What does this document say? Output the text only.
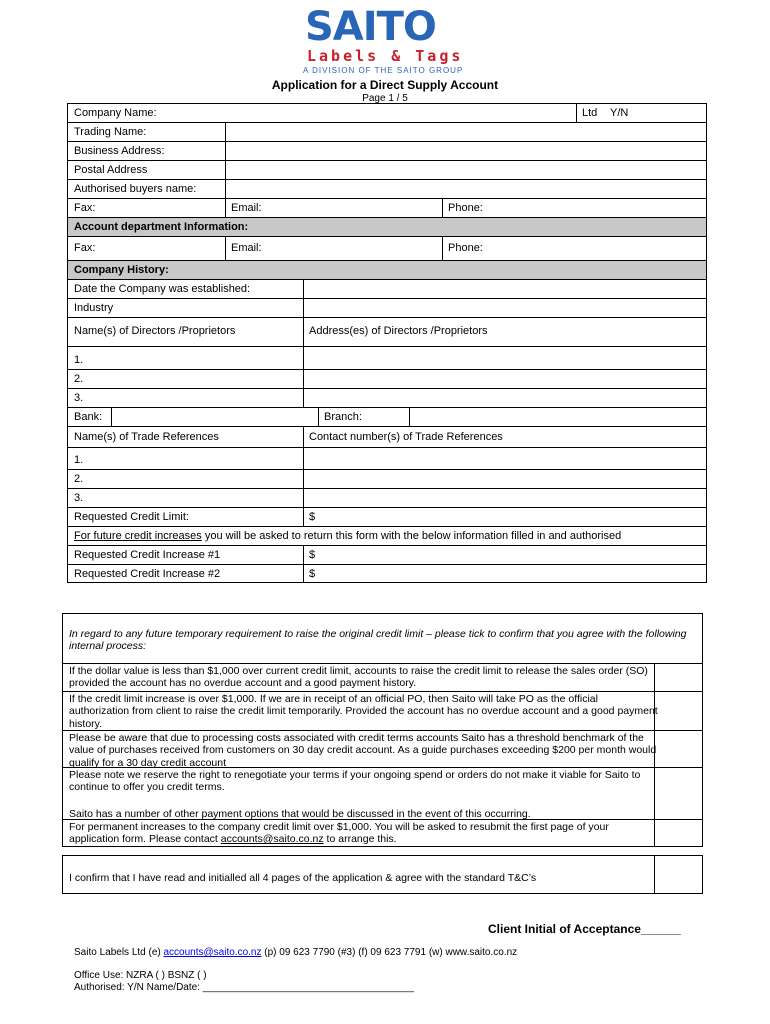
SAITO
Labels & Tags
A DIVISION OF THE SAITO GROUP
Application for a Direct Supply Account
Page 1 / 5
Company Name:	Ltd	Y/N
Trading Name:
Business Address:
Postal Address
Authorised buyers name:
Fax:	Email:	Phone:
Account department Information:
Fax:	Email:	Phone:
Company History:
Date the Company was established:
Industry
Name(s) of Directors /Proprietors	Address(es) of Directors /Proprietors
1.
2.
3.
Bank:	Branch:
Name(s) of Trade References	Contact number(s) of Trade References
1.
2.
3.
Requested Credit Limit:	$
For future credit increases you will be asked to return this form with the below information filled in and authorised
Requested Credit Increase #1	$
Requested Credit Increase #2	$
In regard to any future temporary requirement to raise the original credit limit – please tick to confirm that you agree with the following internal process:
If the dollar value is less than $1,000 over current credit limit, accounts to raise the credit limit to release the sales order (SO) provided the account has no overdue account and a good payment history.
If the credit limit increase is over $1,000. If we are in receipt of an official PO, then Saito will take PO as the official authorization from client to raise the credit limit temporarily. Provided the account has no overdue account and a good payment history.
Please be aware that due to processing costs associated with credit terms accounts Saito has a threshold benchmark of the value of purchases received from customers on 30 day credit account. As a guide purchases exceeding $200 per month would qualify for a 30 day credit account
Please note we reserve the right to renegotiate your terms if your ongoing spend or orders do not make it viable for Saito to continue to offer you credit terms.
Saito has a number of other payment options that would be discussed in the event of this occurring.
For permanent increases to the company credit limit over $1,000. You will be asked to resubmit the first page of your application form. Please contact accounts@saito.co.nz to arrange this.
I confirm that I have read and initialled all 4 pages of the application & agree with the standard T&C’s
Client Initial of Acceptance______
Saito Labels Ltd (e) accounts@saito.co.nz (p) 09 623 7790 (#3) (f) 09 623 7791 (w) www.saito.co.nz
Office Use: NZRA ( ) BSNZ ( )
Authorised: Y/N Name/Date: ______________________________________
